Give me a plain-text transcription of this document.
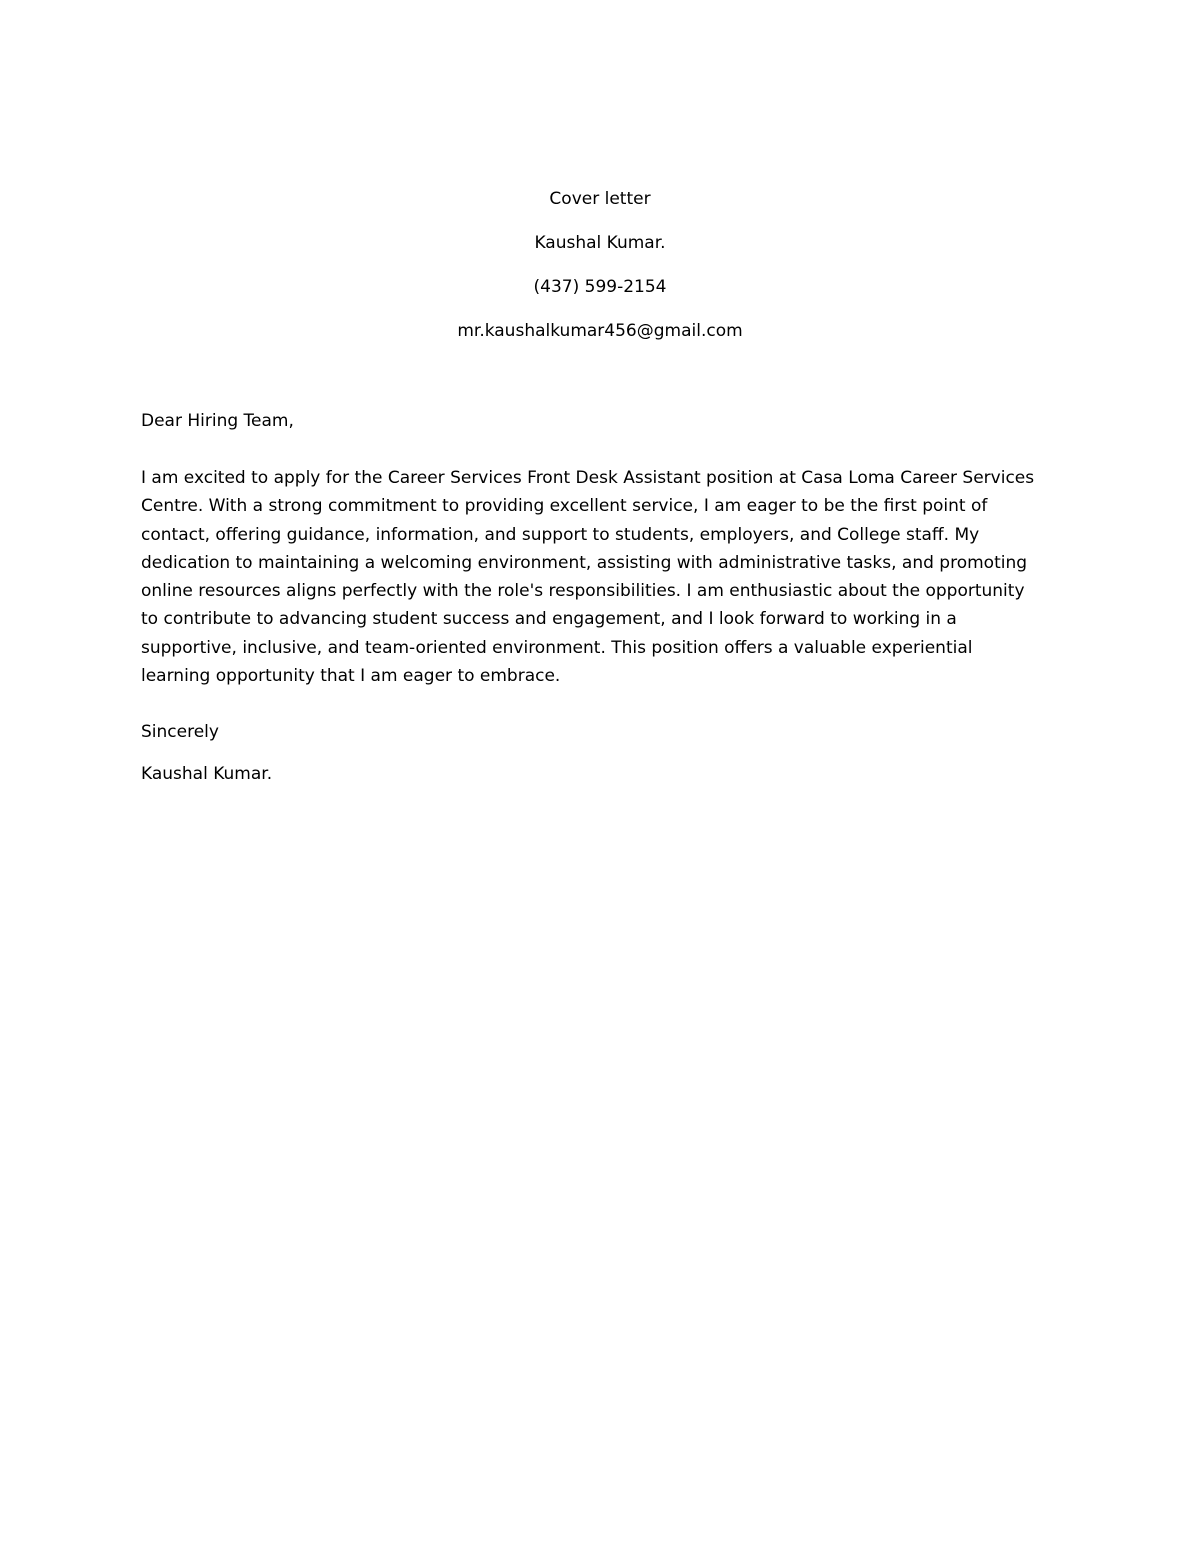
Cover letter
Kaushal Kumar.
(437) 599-2154
mr.kaushalkumar456@gmail.com
Dear Hiring Team,
I am excited to apply for the Career Services Front Desk Assistant position at Casa Loma Career Services
Centre. With a strong commitment to providing excellent service, I am eager to be the first point of
contact, offering guidance, information, and support to students, employers, and College staff. My
dedication to maintaining a welcoming environment, assisting with administrative tasks, and promoting
online resources aligns perfectly with the role's responsibilities. I am enthusiastic about the opportunity
to contribute to advancing student success and engagement, and I look forward to working in a
supportive, inclusive, and team-oriented environment. This position offers a valuable experiential
learning opportunity that I am eager to embrace.
Sincerely
Kaushal Kumar.
